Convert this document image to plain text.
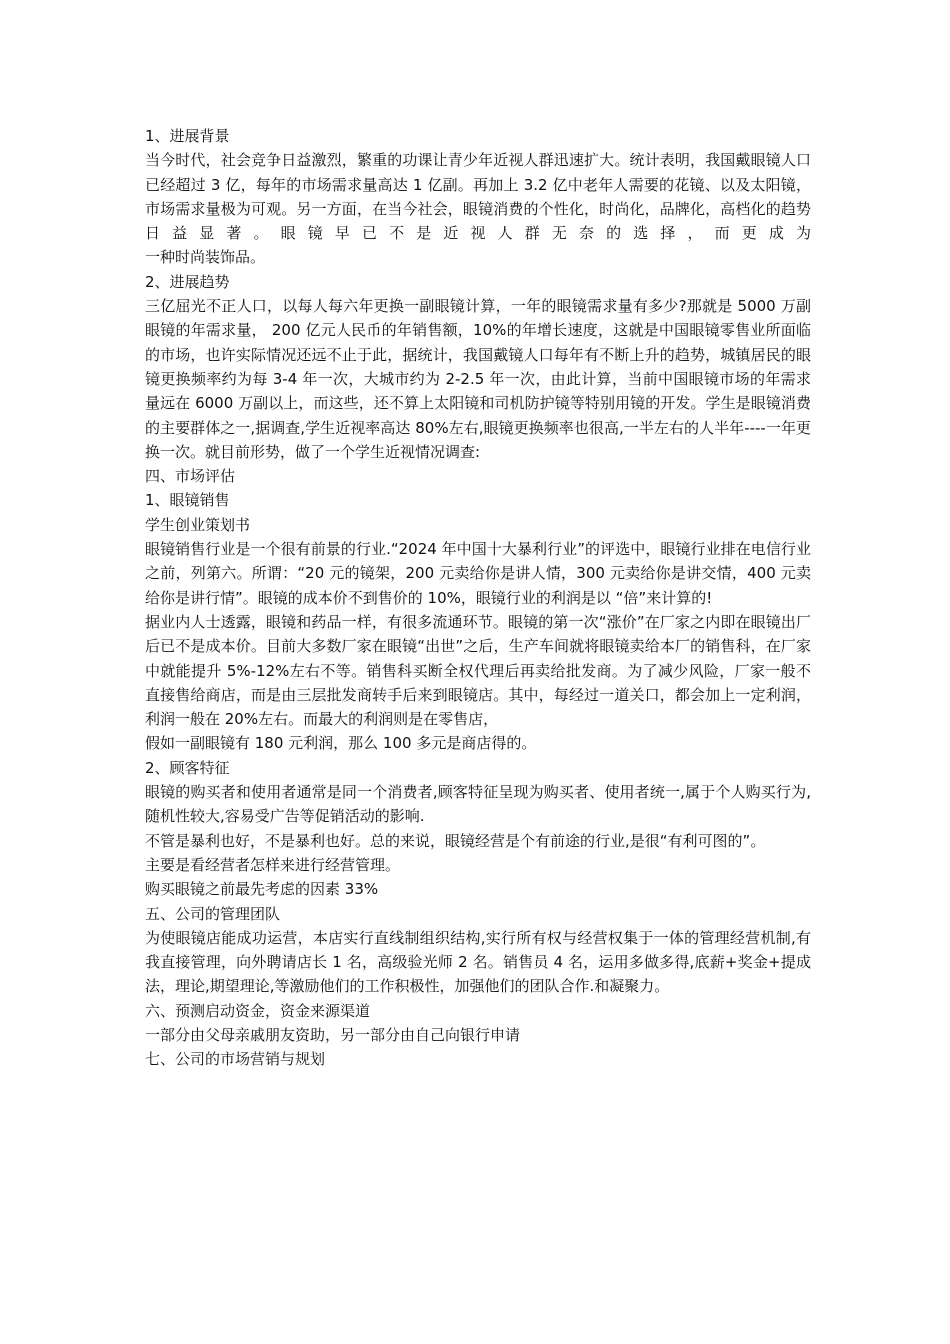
1、进展背景

当今时代，社会竞争日益激烈，繁重的功课让青少年近视人群迅速扩大。统计表明，我国戴眼镜人口已经超过 3 亿，每年的市场需求量高达 1 亿副。再加上 3.2 亿中老年人需要的花镜、以及太阳镜，市场需求量极为可观。另一方面，在当今社会，眼镜消费的个性化，时尚化，品牌化，高档化的趋势日益显著。眼镜早已不是近视人群无奈的选择，而更成为

一种时尚装饰品。

2、进展趋势

三亿屈光不正人口，以每人每六年更换一副眼镜计算，一年的眼镜需求量有多少?那就是 5000 万副眼镜的年需求量， 200 亿元人民币的年销售额，10%的年增长速度，这就是中国眼镜零售业所面临的市场，也许实际情况还远不止于此，据统计，我国戴镜人口每年有不断上升的趋势，城镇居民的眼镜更换频率约为每 3-4 年一次，大城市约为 2-2.5 年一次，由此计算，当前中国眼镜市场的年需求量远在 6000 万副以上，而这些，还不算上太阳镜和司机防护镜等特别用镜的开发。学生是眼镜消费的主要群体之一,据调查,学生近视率高达 80%左右,眼镜更换频率也很高,一半左右的人半年----一年更换一次。就目前形势，做了一个学生近视情况调查:

四、市场评估

1、眼镜销售

学生创业策划书

眼镜销售行业是一个很有前景的行业.“2024 年中国十大暴利行业”的评选中，眼镜行业排在电信行业之前，列第六。所谓：“20 元的镜架，200 元卖给你是讲人情，300 元卖给你是讲交情，400 元卖给你是讲行情”。眼镜的成本价不到售价的 10%，眼镜行业的利润是以 “倍”来计算的!

据业内人士透露，眼镜和药品一样，有很多流通环节。眼镜的第一次“涨价”在厂家之内即在眼镜出厂后已不是成本价。目前大多数厂家在眼镜“出世”之后，生产车间就将眼镜卖给本厂的销售科，在厂家中就能提升 5%-12%左右不等。销售科买断全权代理后再卖给批发商。为了减少风险，厂家一般不直接售给商店，而是由三层批发商转手后来到眼镜店。其中，每经过一道关口，都会加上一定利润，利润一般在 20%左右。而最大的利润则是在零售店，

假如一副眼镜有 180 元利润，那么 100 多元是商店得的。

2、顾客特征

眼镜的购买者和使用者通常是同一个消费者,顾客特征呈现为购买者、使用者统一,属于个人购买行为,随机性较大,容易受广告等促销活动的影响.

不管是暴利也好，不是暴利也好。总的来说，眼镜经营是个有前途的行业,是很“有利可图的”。

主要是看经营者怎样来进行经营管理。

购买眼镜之前最先考虑的因素 33%

五、公司的管理团队

为使眼镜店能成功运营，本店实行直线制组织结构,实行所有权与经营权集于一体的管理经营机制,有我直接管理，向外聘请店长 1 名，高级验光师 2 名。销售员 4 名，运用多做多得,底薪+奖金+提成法，理论,期望理论,等激励他们的工作积极性，加强他们的团队合作.和凝聚力。

六、预测启动资金，资金来源渠道

一部分由父母亲戚朋友资助，另一部分由自己向银行申请

七、公司的市场营销与规划
